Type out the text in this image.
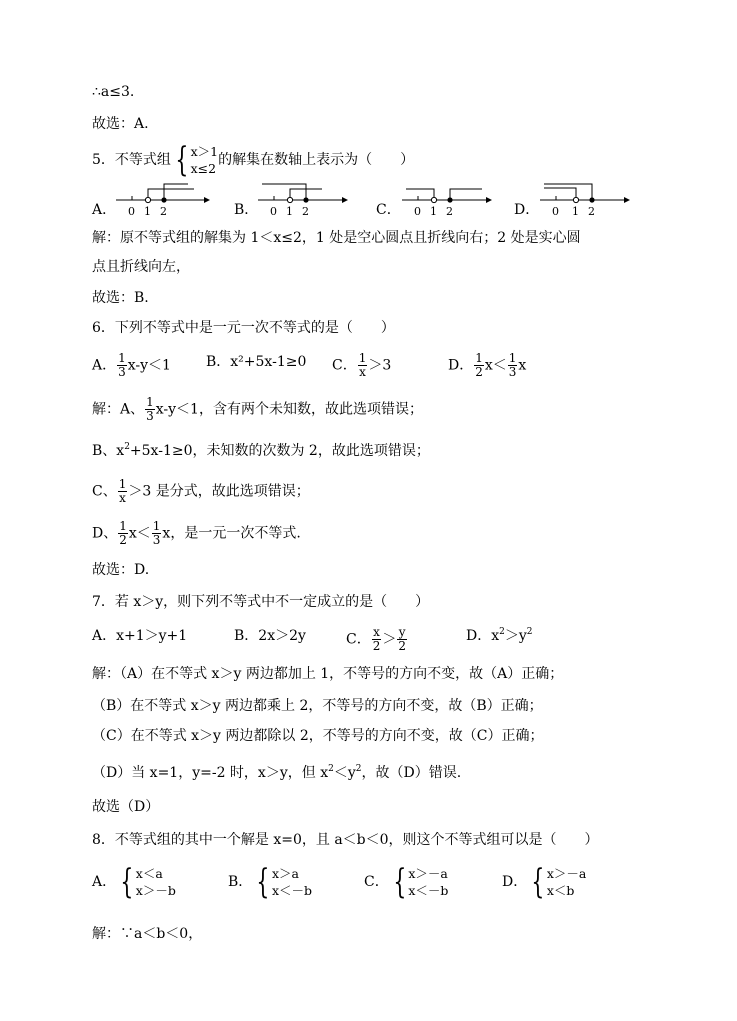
∴a≤3.
故选：A.
5．不等式组 { x＞1
x≤2
的解集在数轴上表示为（　　）
A．	B．	C．	D．
0 1 2	0 1 2	0 1 2	0 1 2
解：原不等式组的解集为 1＜x≤2，1 处是空心圆点且折线向右；2 处是实心圆
点且折线向左，
故选：B.
6．下列不等式中是一元一次不等式的是（　　）
A． $\frac{1}{3} x-y<1$	B．x²+5x-1≥0 C． $\frac{1}{x} >3$	D． $\frac{1}{2} x< \frac{1}{3}$ x
解：A、 $\frac{1}{3} x-y<1$，含有两个未知数，故此选项错误；
B、$x^2+5x-1\ge 0$，未知数的次数为 2，故此选项错误；
C、 $\frac{1}{x} >3$ 是分式，故此选项错误；
D、 $\frac{1}{2} x< \frac{1}{3}$ x，是一元一次不等式.
故选：D.
7．若 x＞y，则下列不等式中不一定成立的是（　　）
A．x+1＞y+1	B．2x＞2y	C． $\frac{x}{2} > \frac{y}{2}$	D．$x^2>y^2$
解：（A）在不等式 x＞y 两边都加上 1，不等号的方向不变，故（A）正确；
（B）在不等式 x＞y 两边都乘上 2，不等号的方向不变，故（B）正确；
（C）在不等式 x＞y 两边都除以 2，不等号的方向不变，故（C）正确；
（D）当 x=1，y=-2 时，x＞y，但 $x^2<y^2$，故（D）错误.
故选（D）
8．不等式组的其中一个解是 x=0，且 a＜b＜0，则这个不等式组可以是（　　）
A． { x＜a
x＞－b
B． { x＞a
x＜－b
C． { x＞－a
x＜－b
D． { x＞－a
x＜b
解：∵a＜b＜0，
